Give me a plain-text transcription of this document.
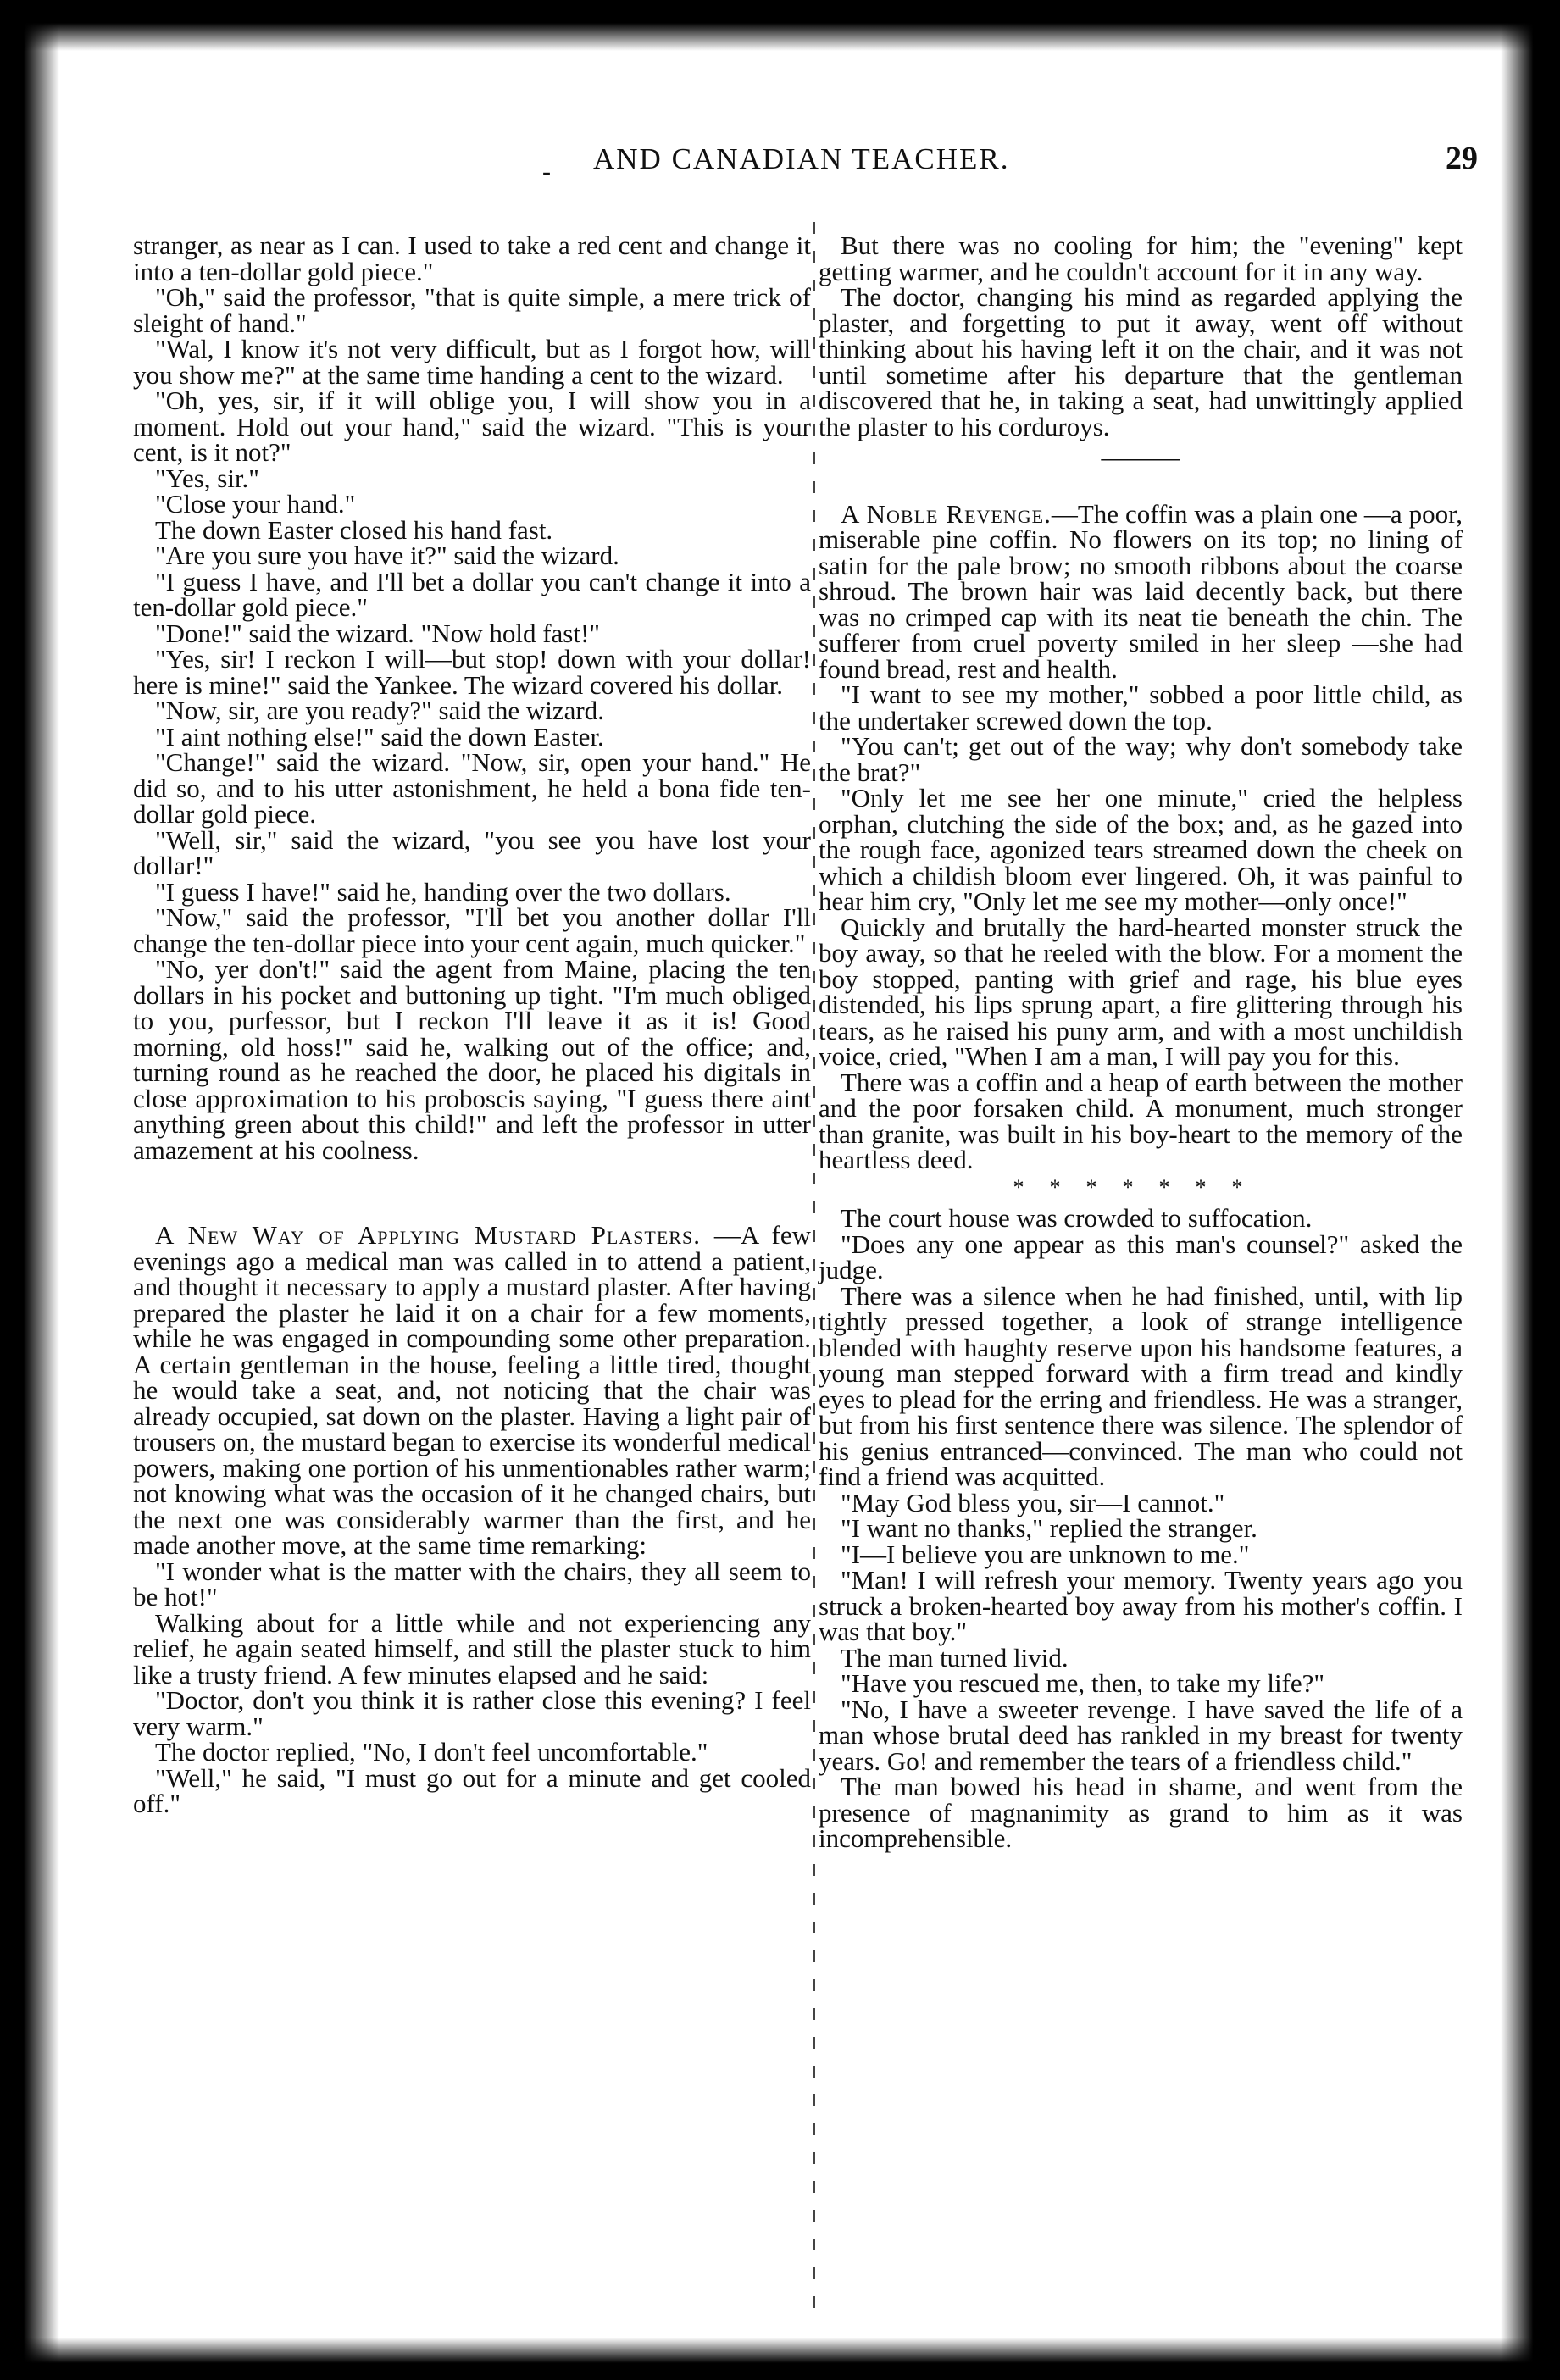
- AND CANADIAN TEACHER.	29

stranger, as near as I can. I used to take a red cent and change it into a ten-dollar gold piece."

"Oh," said the professor, "that is quite simple, a mere trick of sleight of hand."

"Wal, I know it's not very difficult, but as I forgot how, will you show me?" at the same time handing a cent to the wizard.

"Oh, yes, sir, if it will oblige you, I will show you in a moment. Hold out your hand," said the wizard. "This is your cent, is it not?"

"Yes, sir."

"Close your hand."

The down Easter closed his hand fast.

"Are you sure you have it?" said the wizard.

"I guess I have, and I'll bet a dollar you can't change it into a ten-dollar gold piece."

"Done!" said the wizard. "Now hold fast!"

"Yes, sir! I reckon I will—but stop! down with your dollar! here is mine!" said the Yankee. The wizard covered his dollar.

"Now, sir, are you ready?" said the wizard.

"I aint nothing else!" said the down Easter.

"Change!" said the wizard. "Now, sir, open your hand." He did so, and to his utter astonishment, he held a bona fide ten-dollar gold piece.

"Well, sir," said the wizard, "you see you have lost your dollar!"

"I guess I have!" said he, handing over the two dollars.

"Now," said the professor, "I'll bet you another dollar I'll change the ten-dollar piece into your cent again, much quicker."

"No, yer don't!" said the agent from Maine, placing the ten dollars in his pocket and buttoning up tight. "I'm much obliged to you, purfessor, but I reckon I'll leave it as it is! Good morning, old hoss!" said he, walking out of the office; and, turning round as he reached the door, he placed his digitals in close approximation to his proboscis saying, "I guess there aint anything green about this child!" and left the professor in utter amazement at his coolness.

A New Way of Applying Mustard Plasters. —A few evenings ago a medical man was called in to attend a patient, and thought it necessary to apply a mustard plaster. After having prepared the plaster he laid it on a chair for a few moments, while he was engaged in compounding some other preparation. A certain gentleman in the house, feeling a little tired, thought he would take a seat, and, not noticing that the chair was already occupied, sat down on the plaster. Having a light pair of trousers on, the mustard began to exercise its wonderful medical powers, making one portion of his unmentionables rather warm; not knowing what was the occasion of it he changed chairs, but the next one was considerably warmer than the first, and he made another move, at the same time remarking:

"I wonder what is the matter with the chairs, they all seem to be hot!"

Walking about for a little while and not experiencing any relief, he again seated himself, and still the plaster stuck to him like a trusty friend. A few minutes elapsed and he said:

"Doctor, don't you think it is rather close this evening? I feel very warm."

The doctor replied, "No, I don't feel uncomfortable."

"Well," he said, "I must go out for a minute and get cooled off."

But there was no cooling for him; the "evening" kept getting warmer, and he couldn't account for it in any way.

The doctor, changing his mind as regarded applying the plaster, and forgetting to put it away, went off without thinking about his having left it on the chair, and it was not until sometime after his departure that the gentleman discovered that he, in taking a seat, had unwittingly applied the plaster to his corduroys.

———

A Noble Revenge.—The coffin was a plain one —a poor, miserable pine coffin. No flowers on its top; no lining of satin for the pale brow; no smooth ribbons about the coarse shroud. The brown hair was laid decently back, but there was no crimped cap with its neat tie beneath the chin. The sufferer from cruel poverty smiled in her sleep —she had found bread, rest and health.

"I want to see my mother," sobbed a poor little child, as the undertaker screwed down the top.

"You can't; get out of the way; why don't somebody take the brat?"

"Only let me see her one minute," cried the helpless orphan, clutching the side of the box; and, as he gazed into the rough face, agonized tears streamed down the cheek on which a childish bloom ever lingered. Oh, it was painful to hear him cry, "Only let me see my mother—only once!"

Quickly and brutally the hard-hearted monster struck the boy away, so that he reeled with the blow. For a moment the boy stopped, panting with grief and rage, his blue eyes distended, his lips sprung apart, a fire glittering through his tears, as he raised his puny arm, and with a most unchildish voice, cried, "When I am a man, I will pay you for this.

There was a coffin and a heap of earth between the mother and the poor forsaken child. A monument, much stronger than granite, was built in his boy-heart to the memory of the heartless deed.

*******

The court house was crowded to suffocation.

"Does any one appear as this man's counsel?" asked the judge.

There was a silence when he had finished, until, with lip tightly pressed together, a look of strange intelligence blended with haughty reserve upon his handsome features, a young man stepped forward with a firm tread and kindly eyes to plead for the erring and friendless. He was a stranger, but from his first sentence there was silence. The splendor of his genius entranced—convinced. The man who could not find a friend was acquitted.

"May God bless you, sir—I cannot."

"I want no thanks," replied the stranger.

"I—I believe you are unknown to me."

"Man! I will refresh your memory. Twenty years ago you struck a broken-hearted boy away from his mother's coffin. I was that boy."

The man turned livid.

"Have you rescued me, then, to take my life?"

"No, I have a sweeter revenge. I have saved the life of a man whose brutal deed has rankled in my breast for twenty years. Go! and remember the tears of a friendless child."

The man bowed his head in shame, and went from the presence of magnanimity as grand to him as it was incomprehensible.
